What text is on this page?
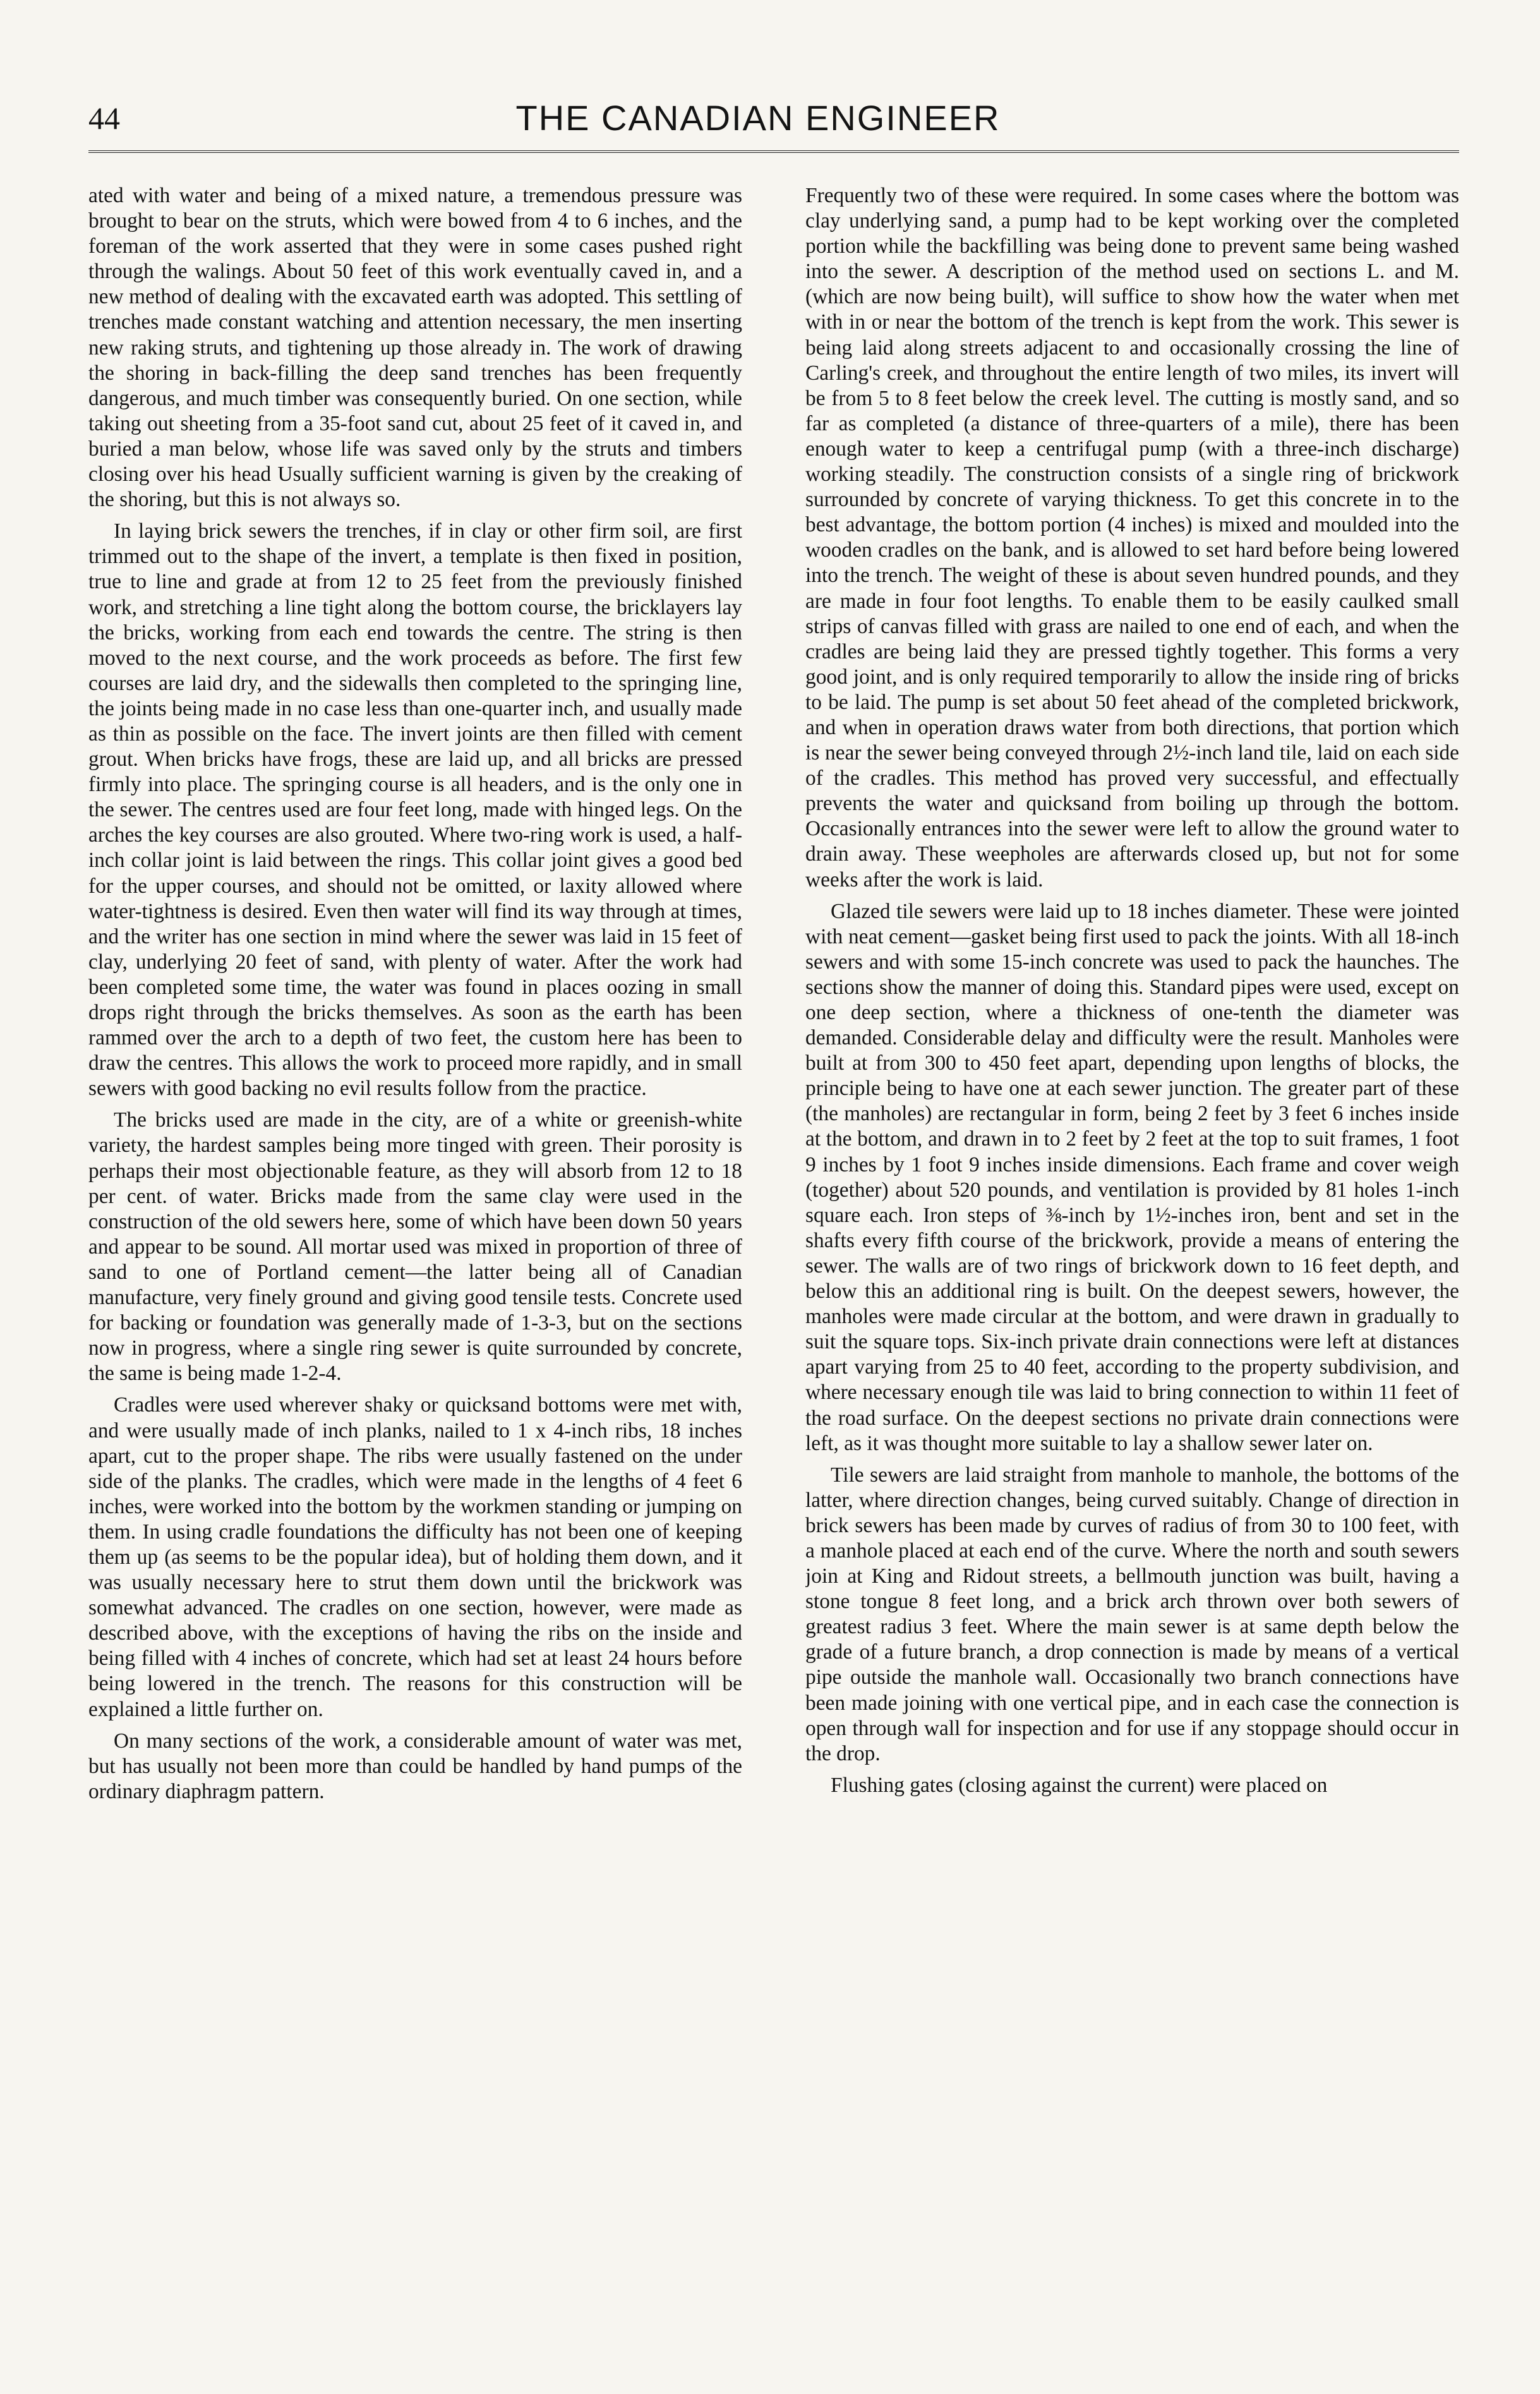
44	THE CANADIAN ENGINEER

ated with water and being of a mixed nature, a tremendous pressure was brought to bear on the struts, which were bowed from 4 to 6 inches, and the foreman of the work asserted that they were in some cases pushed right through the walings. About 50 feet of this work eventually caved in, and a new method of dealing with the excavated earth was adopted. This settling of trenches made constant watching and attention necessary, the men inserting new raking struts, and tightening up those already in. The work of drawing the shoring in back-filling the deep sand trenches has been frequently dangerous, and much timber was consequently buried. On one section, while taking out sheeting from a 35-foot sand cut, about 25 feet of it caved in, and buried a man below, whose life was saved only by the struts and timbers closing over his head Usually sufficient warning is given by the creaking of the shoring, but this is not always so.

In laying brick sewers the trenches, if in clay or other firm soil, are first trimmed out to the shape of the invert, a template is then fixed in position, true to line and grade at from 12 to 25 feet from the previously finished work, and stretching a line tight along the bottom course, the bricklayers lay the bricks, working from each end towards the centre. The string is then moved to the next course, and the work proceeds as before. The first few courses are laid dry, and the sidewalls then completed to the springing line, the joints being made in no case less than one-quarter inch, and usually made as thin as possible on the face. The invert joints are then filled with cement grout. When bricks have frogs, these are laid up, and all bricks are pressed firmly into place. The springing course is all headers, and is the only one in the sewer. The centres used are four feet long, made with hinged legs. On the arches the key courses are also grouted. Where two-ring work is used, a half-inch collar joint is laid between the rings. This collar joint gives a good bed for the upper courses, and should not be omitted, or laxity allowed where water-tightness is desired. Even then water will find its way through at times, and the writer has one section in mind where the sewer was laid in 15 feet of clay, underlying 20 feet of sand, with plenty of water. After the work had been completed some time, the water was found in places oozing in small drops right through the bricks themselves. As soon as the earth has been rammed over the arch to a depth of two feet, the custom here has been to draw the centres. This allows the work to proceed more rapidly, and in small sewers with good backing no evil results follow from the practice.

The bricks used are made in the city, are of a white or greenish-white variety, the hardest samples being more tinged with green. Their porosity is perhaps their most objectionable feature, as they will absorb from 12 to 18 per cent. of water. Bricks made from the same clay were used in the construction of the old sewers here, some of which have been down 50 years and appear to be sound. All mortar used was mixed in proportion of three of sand to one of Portland cement—the latter being all of Canadian manufacture, very finely ground and giving good tensile tests. Concrete used for backing or foundation was generally made of 1-3-3, but on the sections now in progress, where a single ring sewer is quite surrounded by concrete, the same is being made 1-2-4.

Cradles were used wherever shaky or quicksand bottoms were met with, and were usually made of inch planks, nailed to 1 x 4-inch ribs, 18 inches apart, cut to the proper shape. The ribs were usually fastened on the under side of the planks. The cradles, which were made in the lengths of 4 feet 6 inches, were worked into the bottom by the workmen standing or jumping on them. In using cradle foundations the difficulty has not been one of keeping them up (as seems to be the popular idea), but of holding them down, and it was usually necessary here to strut them down until the brickwork was somewhat advanced. The cradles on one section, however, were made as described above, with the exceptions of having the ribs on the inside and being filled with 4 inches of concrete, which had set at least 24 hours before being lowered in the trench. The reasons for this construction will be explained a little further on.

On many sections of the work, a considerable amount of water was met, but has usually not been more than could be handled by hand pumps of the ordinary diaphragm pattern.

Frequently two of these were required. In some cases where the bottom was clay underlying sand, a pump had to be kept working over the completed portion while the backfilling was being done to prevent same being washed into the sewer. A description of the method used on sections L. and M. (which are now being built), will suffice to show how the water when met with in or near the bottom of the trench is kept from the work. This sewer is being laid along streets adjacent to and occasionally crossing the line of Carling's creek, and throughout the entire length of two miles, its invert will be from 5 to 8 feet below the creek level. The cutting is mostly sand, and so far as completed (a distance of three-quarters of a mile), there has been enough water to keep a centrifugal pump (with a three-inch discharge) working steadily. The construction consists of a single ring of brickwork surrounded by concrete of varying thickness. To get this concrete in to the best advantage, the bottom portion (4 inches) is mixed and moulded into the wooden cradles on the bank, and is allowed to set hard before being lowered into the trench. The weight of these is about seven hundred pounds, and they are made in four foot lengths. To enable them to be easily caulked small strips of canvas filled with grass are nailed to one end of each, and when the cradles are being laid they are pressed tightly together. This forms a very good joint, and is only required temporarily to allow the inside ring of bricks to be laid. The pump is set about 50 feet ahead of the completed brickwork, and when in operation draws water from both directions, that portion which is near the sewer being conveyed through 2½-inch land tile, laid on each side of the cradles. This method has proved very successful, and effectually prevents the water and quicksand from boiling up through the bottom. Occasionally entrances into the sewer were left to allow the ground water to drain away. These weepholes are afterwards closed up, but not for some weeks after the work is laid.

Glazed tile sewers were laid up to 18 inches diameter. These were jointed with neat cement—gasket being first used to pack the joints. With all 18-inch sewers and with some 15-inch concrete was used to pack the haunches. The sections show the manner of doing this. Standard pipes were used, except on one deep section, where a thickness of one-tenth the diameter was demanded. Considerable delay and difficulty were the result. Manholes were built at from 300 to 450 feet apart, depending upon lengths of blocks, the principle being to have one at each sewer junction. The greater part of these (the manholes) are rectangular in form, being 2 feet by 3 feet 6 inches inside at the bottom, and drawn in to 2 feet by 2 feet at the top to suit frames, 1 foot 9 inches by 1 foot 9 inches inside dimensions. Each frame and cover weigh (together) about 520 pounds, and ventilation is provided by 81 holes 1-inch square each. Iron steps of ⅜-inch by 1½-inches iron, bent and set in the shafts every fifth course of the brickwork, provide a means of entering the sewer. The walls are of two rings of brickwork down to 16 feet depth, and below this an additional ring is built. On the deepest sewers, however, the manholes were made circular at the bottom, and were drawn in gradually to suit the square tops. Six-inch private drain connections were left at distances apart varying from 25 to 40 feet, according to the property subdivision, and where necessary enough tile was laid to bring connection to within 11 feet of the road surface. On the deepest sections no private drain connections were left, as it was thought more suitable to lay a shallow sewer later on.

Tile sewers are laid straight from manhole to manhole, the bottoms of the latter, where direction changes, being curved suitably. Change of direction in brick sewers has been made by curves of radius of from 30 to 100 feet, with a manhole placed at each end of the curve. Where the north and south sewers join at King and Ridout streets, a bellmouth junction was built, having a stone tongue 8 feet long, and a brick arch thrown over both sewers of greatest radius 3 feet. Where the main sewer is at same depth below the grade of a future branch, a drop connection is made by means of a vertical pipe outside the manhole wall. Occasionally two branch connections have been made joining with one vertical pipe, and in each case the connection is open through wall for inspection and for use if any stoppage should occur in the drop.

Flushing gates (closing against the current) were placed on
